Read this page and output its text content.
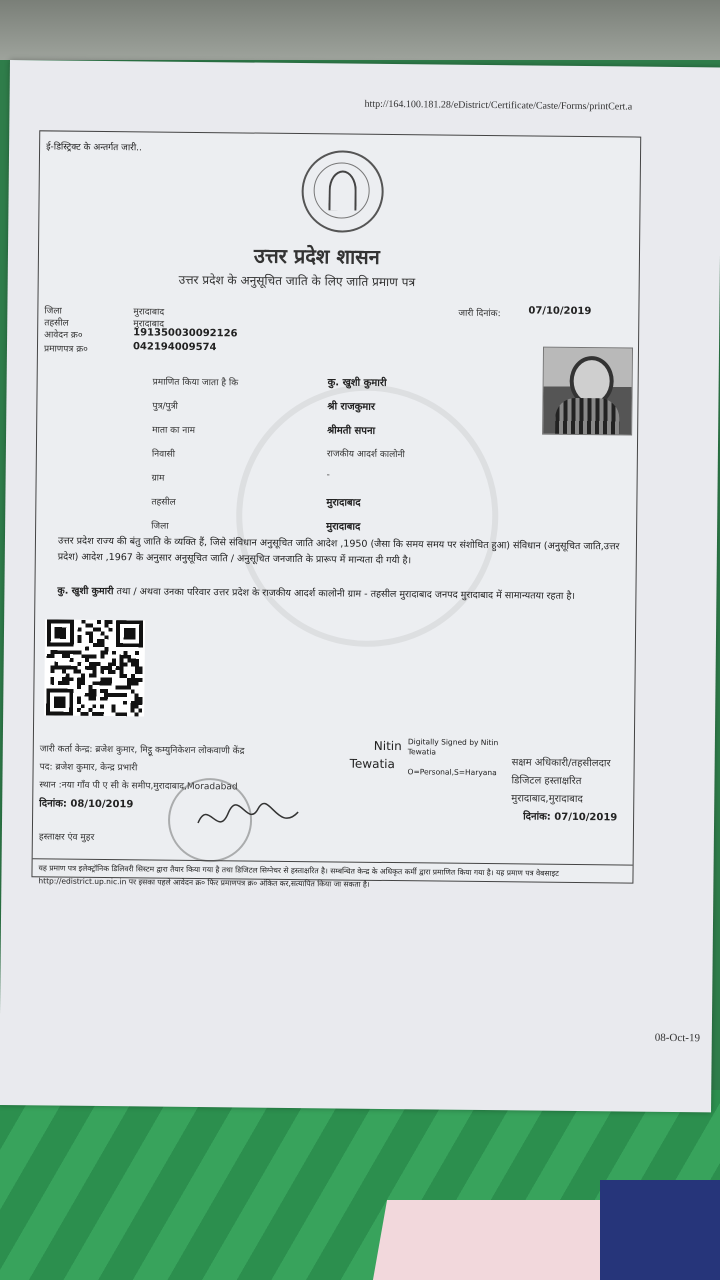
http://164.100.181.28/eDistrict/Certificate/Caste/Forms/printCert.a
ई-डिस्ट्रिक्ट के अन्तर्गत जारी..
उत्तर प्रदेश शासन
उत्तर प्रदेश के अनुसूचित जाति के लिए जाति प्रमाण पत्र
जिला	मुरादाबाद
तहसील	मुरादाबाद
आवेदन क्र०	191350030092126
प्रमाणपत्र क्र०	042194009574
जारी दिनांक:	07/10/2019
प्रमाणित किया जाता है कि	कु. खुशी कुमारी
पुत्र/पुत्री	श्री राजकुमार
माता का नाम	श्रीमती सपना
निवासी	राजकीय आदर्श कालोनी
ग्राम	-
तहसील	मुरादाबाद
जिला	मुरादाबाद
उत्तर प्रदेश राज्य की बंतु जाति के व्यक्ति हैं, जिसे संविधान अनुसूचित जाति आदेश ,1950 (जैसा कि समय समय पर संशोधित हुआ) संविधान (अनुसूचित जाति,उत्तर प्रदेश) आदेश ,1967 के अनुसार अनुसूचित जाति / अनुसूचित जनजाति के प्रारूप में मान्यता दी गयी है।
कु. खुशी कुमारी तथा / अथवा उनका परिवार उत्तर प्रदेश के राजकीय आदर्श कालोनी ग्राम - तहसील मुरादाबाद जनपद मुरादाबाद में सामान्यतया रहता है।
जारी कर्ता केन्द्र: ब्रजेश कुमार, मिट्ठू कम्युनिकेशन लोकवाणी केंद्र
पद: ब्रजेश कुमार, केन्द्र प्रभारी
स्थान :नया गाँव पी ए सी के समीप,मुरादाबाद,Moradabad
दिनांक: 08/10/2019
हस्ताक्षर एंव मुहर
Nitin
Tewatia
Digitally Signed by Nitin Tewatia
O=Personal,S=Haryana
सक्षम अधिकारी/तहसीलदार
डिजिटल हस्ताक्षरित
मुरादाबाद,मुरादाबाद
दिनांक: 07/10/2019
यह प्रमाण पत्र इलेक्ट्रॉनिक डिलिवरी सिस्टम द्वारा तैयार किया गया है तथा डिजिटल सिग्नेचर से हस्ताक्षरित है। सम्बन्धित केन्द्र के अधिकृत कर्मी द्वारा प्रमाणित किया गया है। यह प्रमाण पत्र वेबसाइट http://edistrict.up.nic.in पर इसका पहले आवेदन क्र० फिर प्रमाणपत्र क्र० अंकित कर,सत्यापित किया जा सकता है।
08-Oct-19
